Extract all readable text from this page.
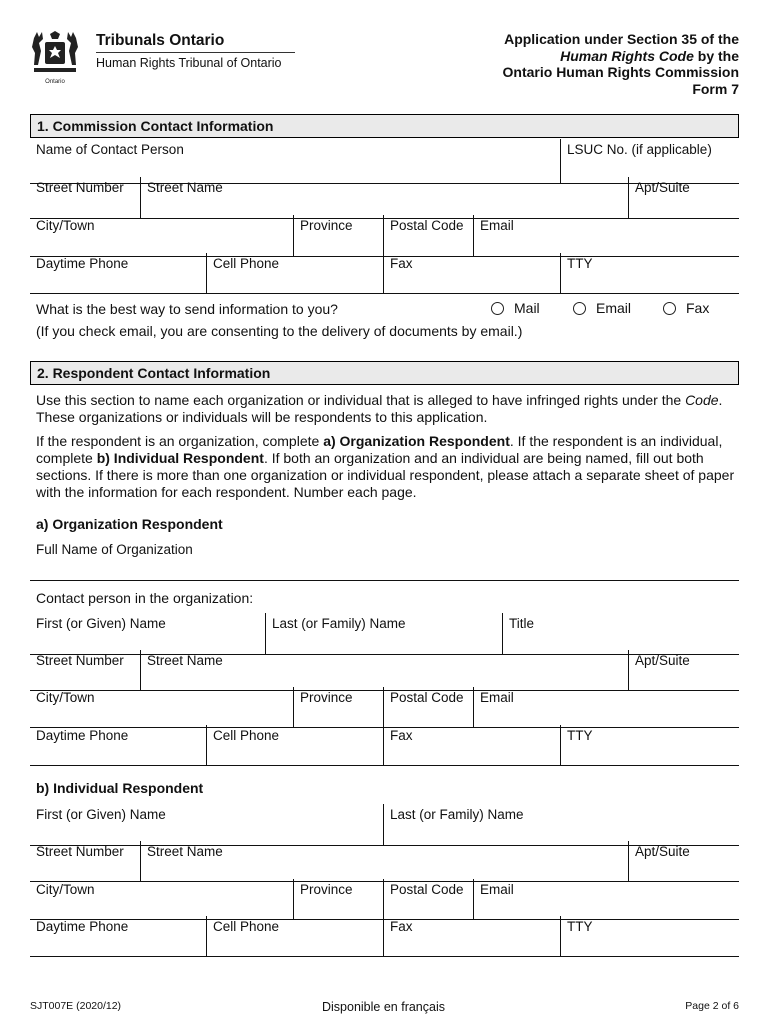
Ontario
Tribunals Ontario
Human Rights Tribunal of Ontario
Application under Section 35 of the
Human Rights Code by the
Ontario Human Rights Commission
Form 7
1. Commission Contact Information
Name of Contact Person	LSUC No. (if applicable)
Street Number	Street Name	Apt/Suite
City/Town	Province	Postal Code	Email
Daytime Phone	Cell Phone	Fax	TTY
What is the best way to send information to you?
(If you check email, you are consenting to the delivery of documents by email.)
Mail	Email	Fax
2. Respondent Contact Information
Use this section to name each organization or individual that is alleged to have infringed rights under the Code. These organizations or individuals will be respondents to this application.
If the respondent is an organization, complete a) Organization Respondent. If the respondent is an individual, complete b) Individual Respondent. If both an organization and an individual are being named, fill out both sections. If there is more than one organization or individual respondent, please attach a separate sheet of paper with the information for each respondent. Number each page.
a) Organization Respondent
Full Name of Organization
Contact person in the organization:
First (or Given) Name	Last (or Family) Name	Title
Street Number	Street Name	Apt/Suite
City/Town	Province	Postal Code	Email
Daytime Phone	Cell Phone	Fax	TTY
b) Individual Respondent
First (or Given) Name	Last (or Family) Name
Street Number	Street Name	Apt/Suite
City/Town	Province	Postal Code	Email
Daytime Phone	Cell Phone	Fax	TTY
SJT007E (2020/12)	Disponible en français	Page 2 of 6
